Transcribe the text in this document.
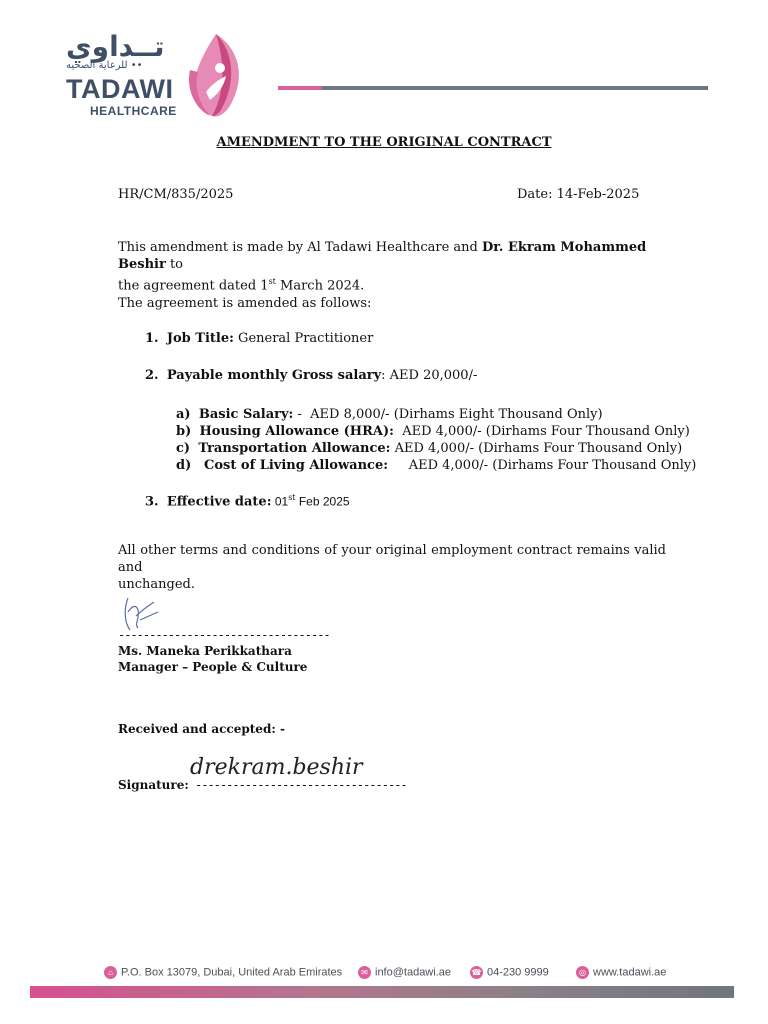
تــداوي
للرعاية الصحيه ••
TADAWI
HEALTHCARE
AMENDMENT TO THE ORIGINAL CONTRACT
HR/CM/835/2025	Date: 14-Feb-2025
This amendment is made by Al Tadawi Healthcare and Dr. Ekram Mohammed Beshir to
the agreement dated 1st March 2024.
The agreement is amended as follows:
1. Job Title: General Practitioner
2. Payable monthly Gross salary: AED 20,000/-
a) Basic Salary: -  AED 8,000/- (Dirhams Eight Thousand Only)
b) Housing Allowance (HRA):  AED 4,000/- (Dirhams Four Thousand Only)
c) Transportation Allowance: AED 4,000/- (Dirhams Four Thousand Only)
d)   Cost of Living Allowance:     AED 4,000/- (Dirhams Four Thousand Only)
3. Effective date: 01st Feb 2025
All other terms and conditions of your original employment contract remains valid and
unchanged.
----------------------------------
Ms. Maneka Perikkathara
Manager – People & Culture
Received and accepted: -
drekram.beshir
Signature: ----------------------------------
⌂ P.O. Box 13079, Dubai, United Arab Emirates	✉ info@tadawi.ae	☎ 04-230 9999	◎ www.tadawi.ae
